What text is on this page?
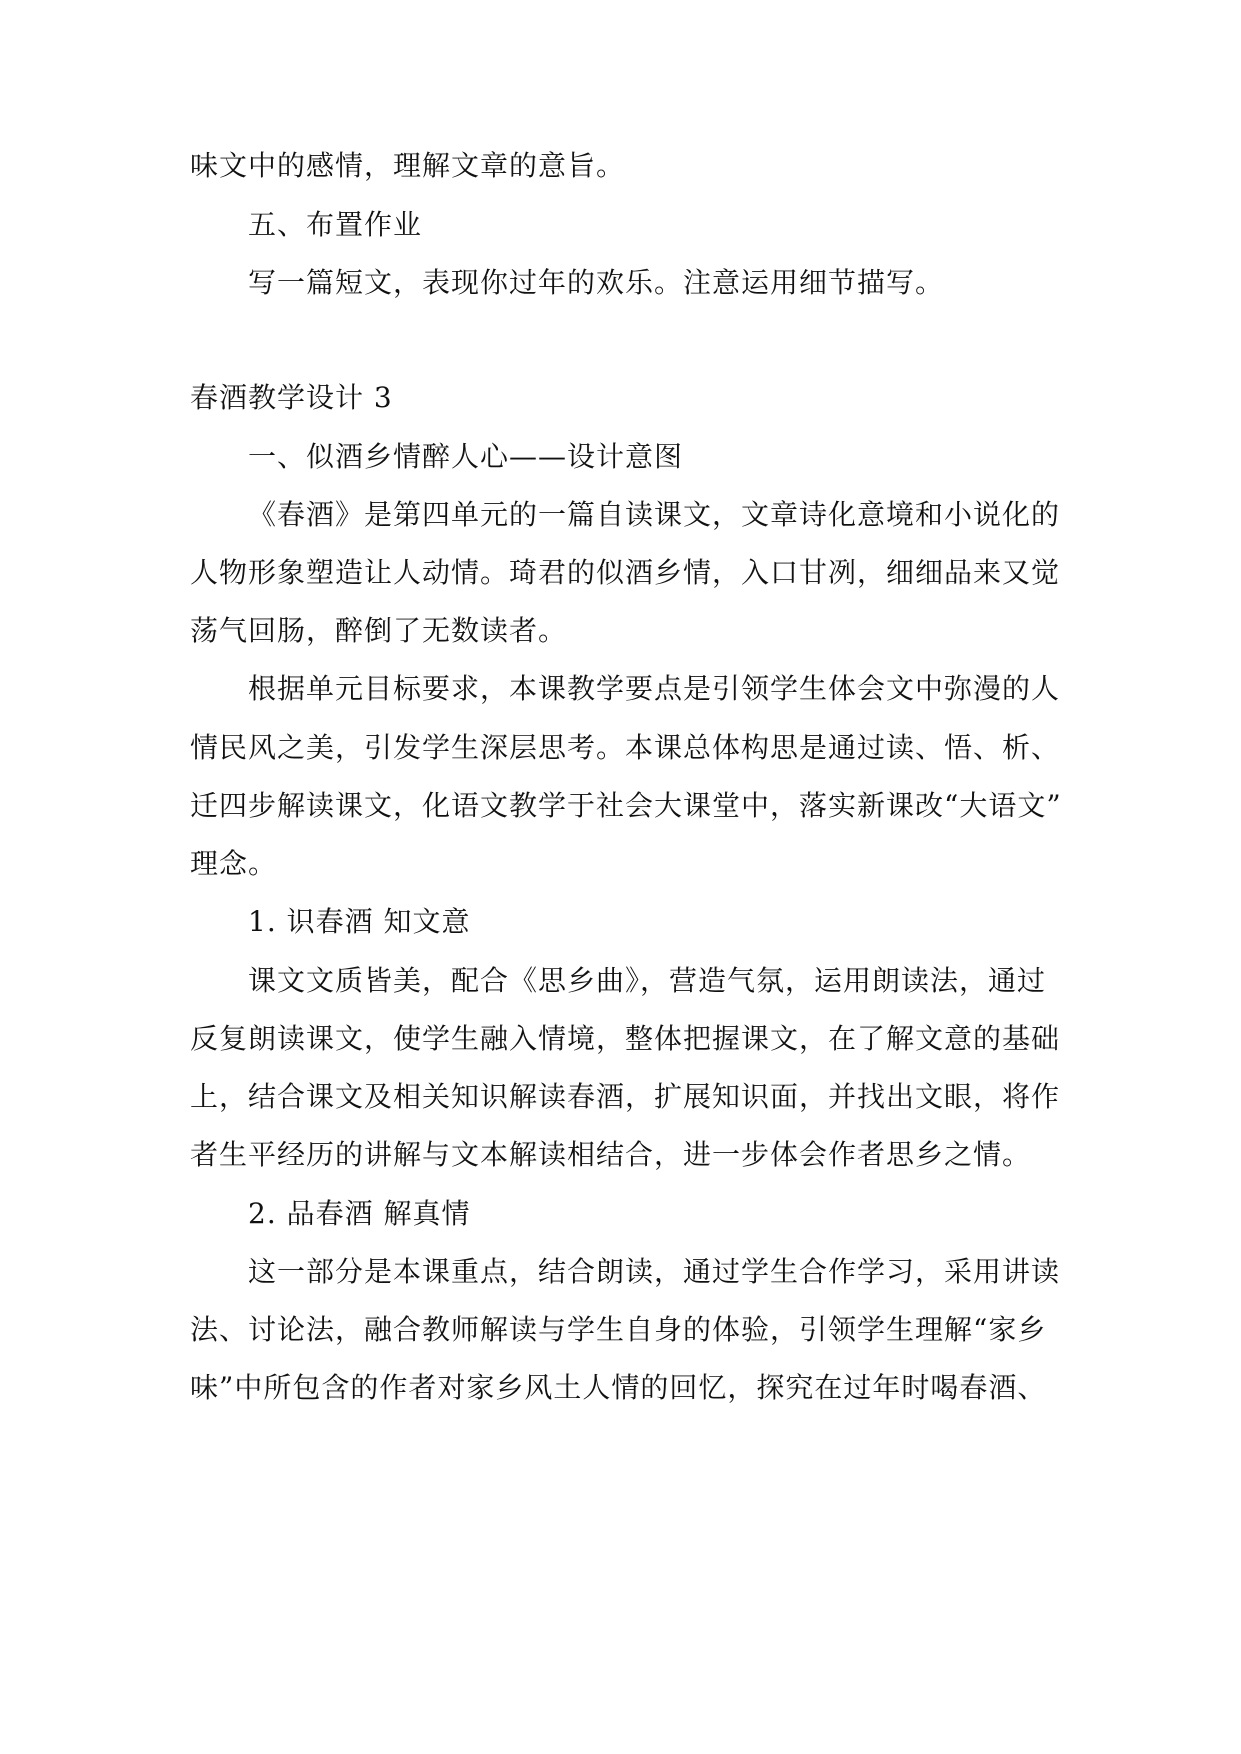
味文中的感情，理解文章的意旨。
五、布置作业
写一篇短文，表现你过年的欢乐。注意运用细节描写。
春酒教学设计 3
一、似酒乡情醉人心——设计意图
《春酒》是第四单元的一篇自读课文，文章诗化意境和小说化的
人物形象塑造让人动情。琦君的似酒乡情，入口甘冽，细细品来又觉
荡气回肠，醉倒了无数读者。
根据单元目标要求，本课教学要点是引领学生体会文中弥漫的人
情民风之美，引发学生深层思考。本课总体构思是通过读、悟、析、
迁四步解读课文，化语文教学于社会大课堂中，落实新课改“大语文”
理念。
1. 识春酒 知文意
课文文质皆美，配合《思乡曲》，营造气氛，运用朗读法，通过
反复朗读课文，使学生融入情境，整体把握课文，在了解文意的基础
上，结合课文及相关知识解读春酒，扩展知识面，并找出文眼，将作
者生平经历的讲解与文本解读相结合，进一步体会作者思乡之情。
2. 品春酒 解真情
这一部分是本课重点，结合朗读，通过学生合作学习，采用讲读
法、讨论法，融合教师解读与学生自身的体验，引领学生理解“家乡
味”中所包含的作者对家乡风土人情的回忆，探究在过年时喝春酒、
